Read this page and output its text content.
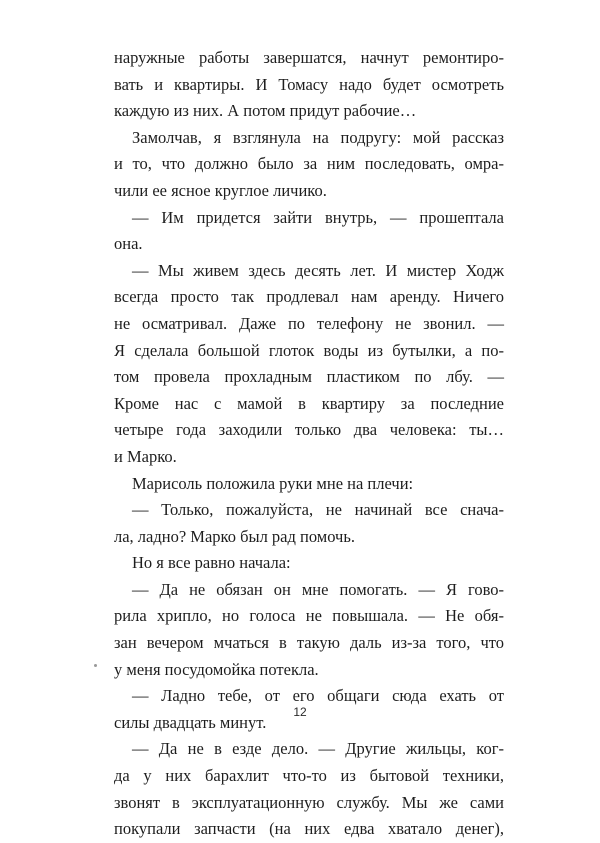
наружные работы завершатся, начнут ремонтиро-
вать и квартиры. И Томасу надо будет осмотреть
каждую из них. А потом придут рабочие…
Замолчав, я взглянула на подругу: мой рассказ
и то, что должно было за ним последовать, омра-
чили ее ясное круглое личико.
— Им придется зайти внутрь, — прошептала
она.
— Мы живем здесь десять лет. И мистер Ходж
всегда просто так продлевал нам аренду. Ничего
не осматривал. Даже по телефону не звонил. —
Я сделала большой глоток воды из бутылки, а по-
том провела прохладным пластиком по лбу. —
Кроме нас с мамой в квартиру за последние
четыре года заходили только два человека: ты…
и Марко.
Марисоль положила руки мне на плечи:
— Только, пожалуйста, не начинай все снача-
ла, ладно? Марко был рад помочь.
Но я все равно начала:
— Да не обязан он мне помогать. — Я гово-
рила хрипло, но голоса не повышала. — Не обя-
зан вечером мчаться в такую даль из-за того, что
у меня посудомойка потекла.
— Ладно тебе, от его общаги сюда ехать от
силы двадцать минут.
— Да не в езде дело. — Другие жильцы, ког-
да у них барахлит что-то из бытовой техники,
звонят в эксплуатационную службу. Мы же сами
покупали запчасти (на них едва хватало денег),
12
